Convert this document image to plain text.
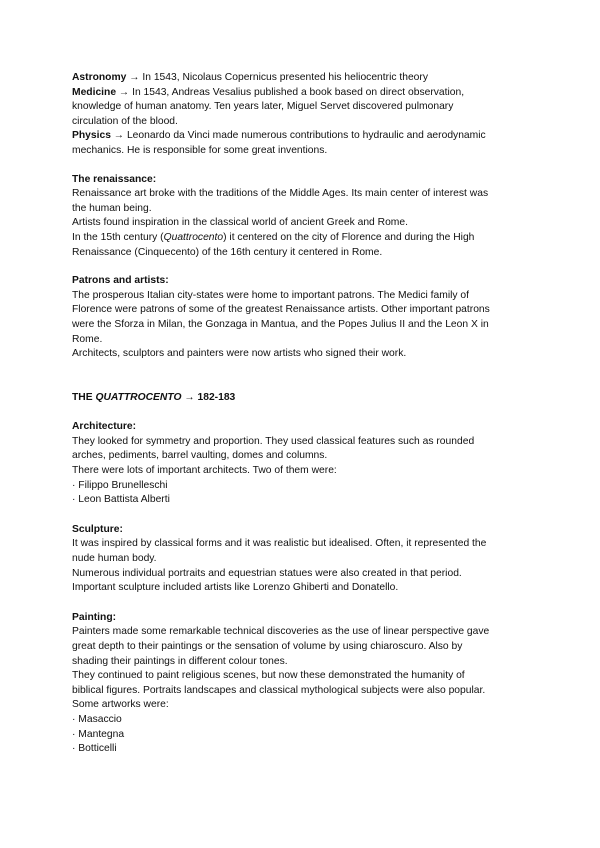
Astronomy → In 1543, Nicolaus Copernicus presented his heliocentric theory
Medicine → In 1543, Andreas Vesalius published a book based on direct observation,
knowledge of human anatomy. Ten years later, Miguel Servet discovered pulmonary
circulation of the blood.
Physics → Leonardo da Vinci made numerous contributions to hydraulic and aerodynamic
mechanics. He is responsible for some great inventions.
The renaissance:
Renaissance art broke with the traditions of the Middle Ages. Its main center of interest was
the human being.
Artists found inspiration in the classical world of ancient Greek and Rome.
In the 15th century (Quattrocento) it centered on the city of Florence and during the High
Renaissance (Cinquecento) of the 16th century it centered in Rome.
Patrons and artists:
The prosperous Italian city-states were home to important patrons. The Medici family of
Florence were patrons of some of the greatest Renaissance artists. Other important patrons
were the Sforza in Milan, the Gonzaga in Mantua, and the Popes Julius II and the Leon X in
Rome.
Architects, sculptors and painters were now artists who signed their work.
THE QUATTROCENTO → 182-183
Architecture:
They looked for symmetry and proportion. They used classical features such as rounded
arches, pediments, barrel vaulting, domes and columns.
There were lots of important architects. Two of them were:
· Filippo Brunelleschi
· Leon Battista Alberti
Sculpture:
It was inspired by classical forms and it was realistic but idealised. Often, it represented the
nude human body.
Numerous individual portraits and equestrian statues were also created in that period.
Important sculpture included artists like Lorenzo Ghiberti and Donatello.
Painting:
Painters made some remarkable technical discoveries as the use of linear perspective gave
great depth to their paintings or the sensation of volume by using chiaroscuro. Also by
shading their paintings in different colour tones.
They continued to paint religious scenes, but now these demonstrated the humanity of
biblical figures. Portraits landscapes and classical mythological subjects were also popular.
Some artworks were:
· Masaccio
· Mantegna
· Botticelli
